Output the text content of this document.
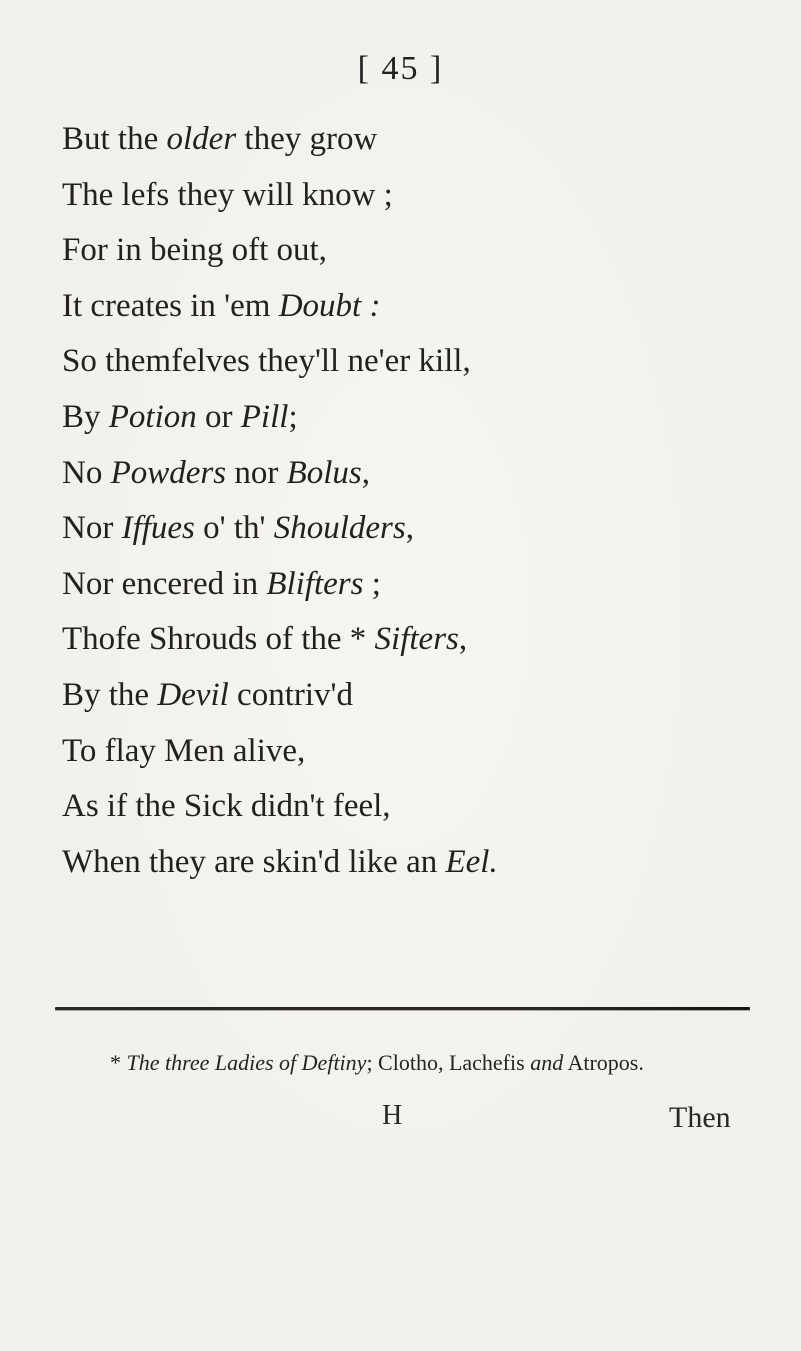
[ 45 ]
But the older they grow
The lefs they will know ;
For in being oft out,
It creates in 'em Doubt :
So themfelves they'll ne'er kill,
By Potion or Pill;
No Powders nor Bolus,
Nor Iffues o' th' Shoulders,
Nor encered in Blifters ;
Thofe Shrouds of the * Sifters,
By the Devil contriv'd
To flay Men alive,
As if the Sick didn't feel,
When they are skin'd like an Eel.
* The three Ladies of Deftiny; Clotho, Lachefis and Atropos.
H	Then
